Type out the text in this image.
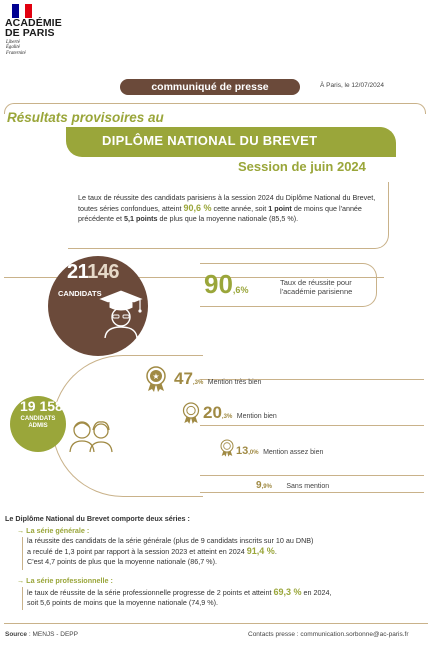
ACADÉMIE
DE PARIS
Liberté
Égalité
Fraternité
communiqué de presse	À Paris, le 12/07/2024
Résultats provisoires au
DIPLÔME NATIONAL DU BREVET
Session de juin 2024
Le taux de réussite des candidats parisiens à la session 2024 du Diplôme National du Brevet, toutes séries confondues, atteint 90,6 % cette année, soit 1 point de moins que l'année précédente et 5,1 points de plus que la moyenne nationale (85,5 %).
21146
CANDIDATS	90,6%
Taux de réussite pour
l'académie parisienne
19 158
CANDIDATS
ADMIS
★ 47,3% Mention très bien
20,3% Mention bien
13,0% Mention assez bien
9,9% Sans mention
Le Diplôme National du Brevet comporte deux séries :
→ La série générale :
la réussite des candidats de la série générale (plus de 9 candidats inscrits sur 10 au DNB)
a reculé de 1,3 point par rapport à la session 2023 et atteint en 2024 91,4 %.
C'est 4,7 points de plus que la moyenne nationale (86,7 %).
→ La série professionnelle :
le taux de réussite de la série professionnelle progresse de 2 points et atteint 69,3 % en 2024,
soit 5,6 points de moins que la moyenne nationale (74,9 %).
Source : MENJS - DEPP	Contacts presse : communication.sorbonne@ac-paris.fr
